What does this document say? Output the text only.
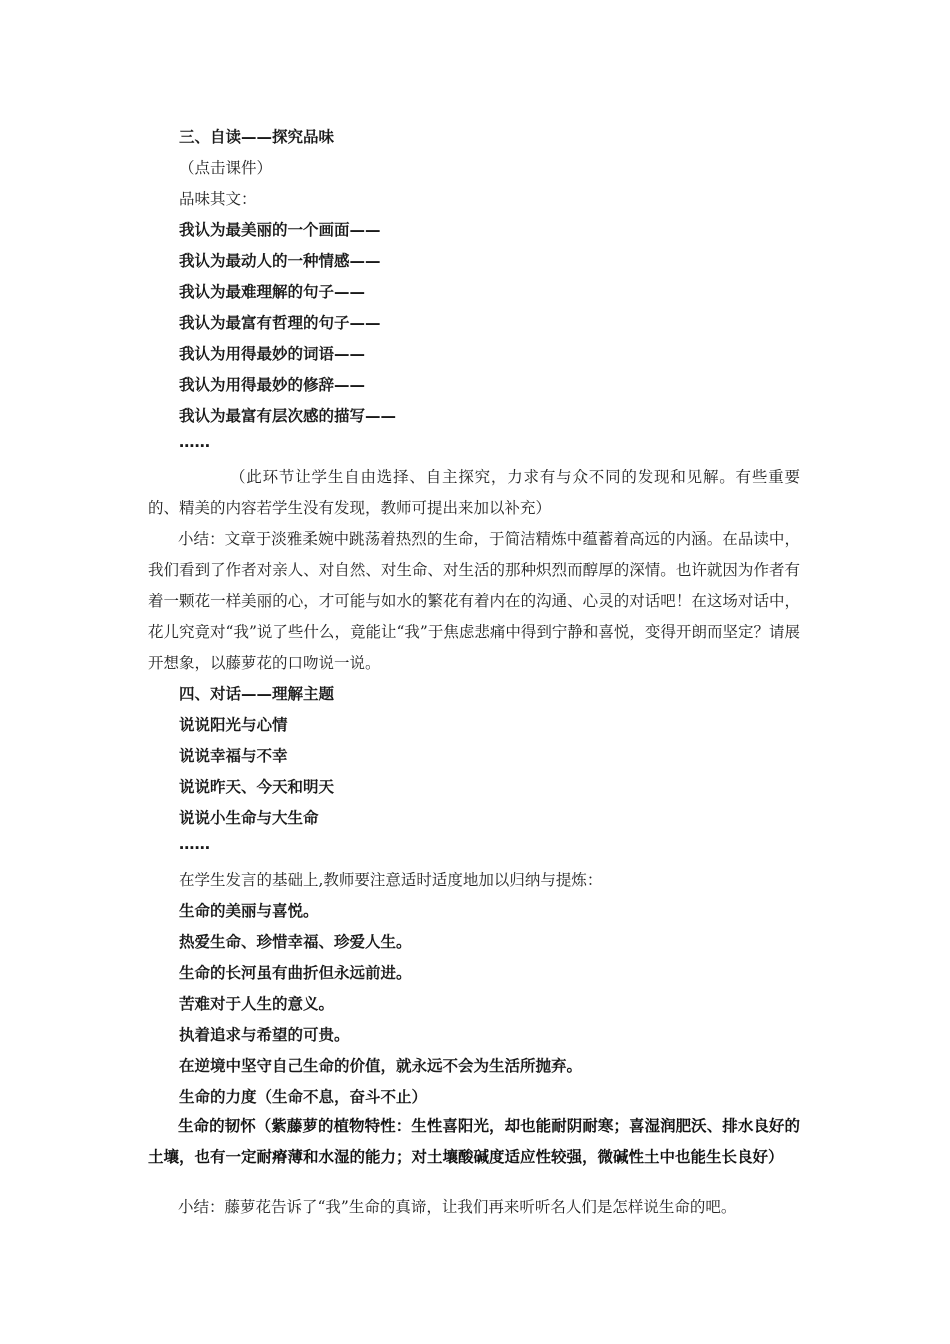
三、自读——探究品味
（点击课件）
品味其文：
我认为最美丽的一个画面——
我认为最动人的一种情感——
我认为最难理解的句子——
我认为最富有哲理的句子——
我认为用得最妙的词语——
我认为用得最妙的修辞——
我认为最富有层次感的描写——
……
（此环节让学生自由选择、自主探究，力求有与众不同的发现和见解。有些重要的、精美的内容若学生没有发现，教师可提出来加以补充）
小结：文章于淡雅柔婉中跳荡着热烈的生命，于简洁精炼中蕴蓄着高远的内涵。在品读中，我们看到了作者对亲人、对自然、对生命、对生活的那种炽烈而醇厚的深情。也许就因为作者有着一颗花一样美丽的心，才可能与如水的繁花有着内在的沟通、心灵的对话吧！在这场对话中，花儿究竟对“我”说了些什么，竟能让“我”于焦虑悲痛中得到宁静和喜悦，变得开朗而坚定？请展开想象，以藤萝花的口吻说一说。
四、对话——理解主题
说说阳光与心情
说说幸福与不幸
说说昨天、今天和明天
说说小生命与大生命
……
在学生发言的基础上,教师要注意适时适度地加以归纳与提炼：
生命的美丽与喜悦。
热爱生命、珍惜幸福、珍爱人生。
生命的长河虽有曲折但永远前进。
苦难对于人生的意义。
执着追求与希望的可贵。
在逆境中坚守自己生命的价值，就永远不会为生活所抛弃。
生命的力度（生命不息，奋斗不止）
生命的韧怀（紫藤萝的植物特性：生性喜阳光，却也能耐阴耐寒；喜湿润肥沃、排水良好的土壤，也有一定耐瘠薄和水湿的能力；对土壤酸碱度适应性较强，微碱性土中也能生长良好）
小结：藤萝花告诉了“我”生命的真谛，让我们再来听听名人们是怎样说生命的吧。
